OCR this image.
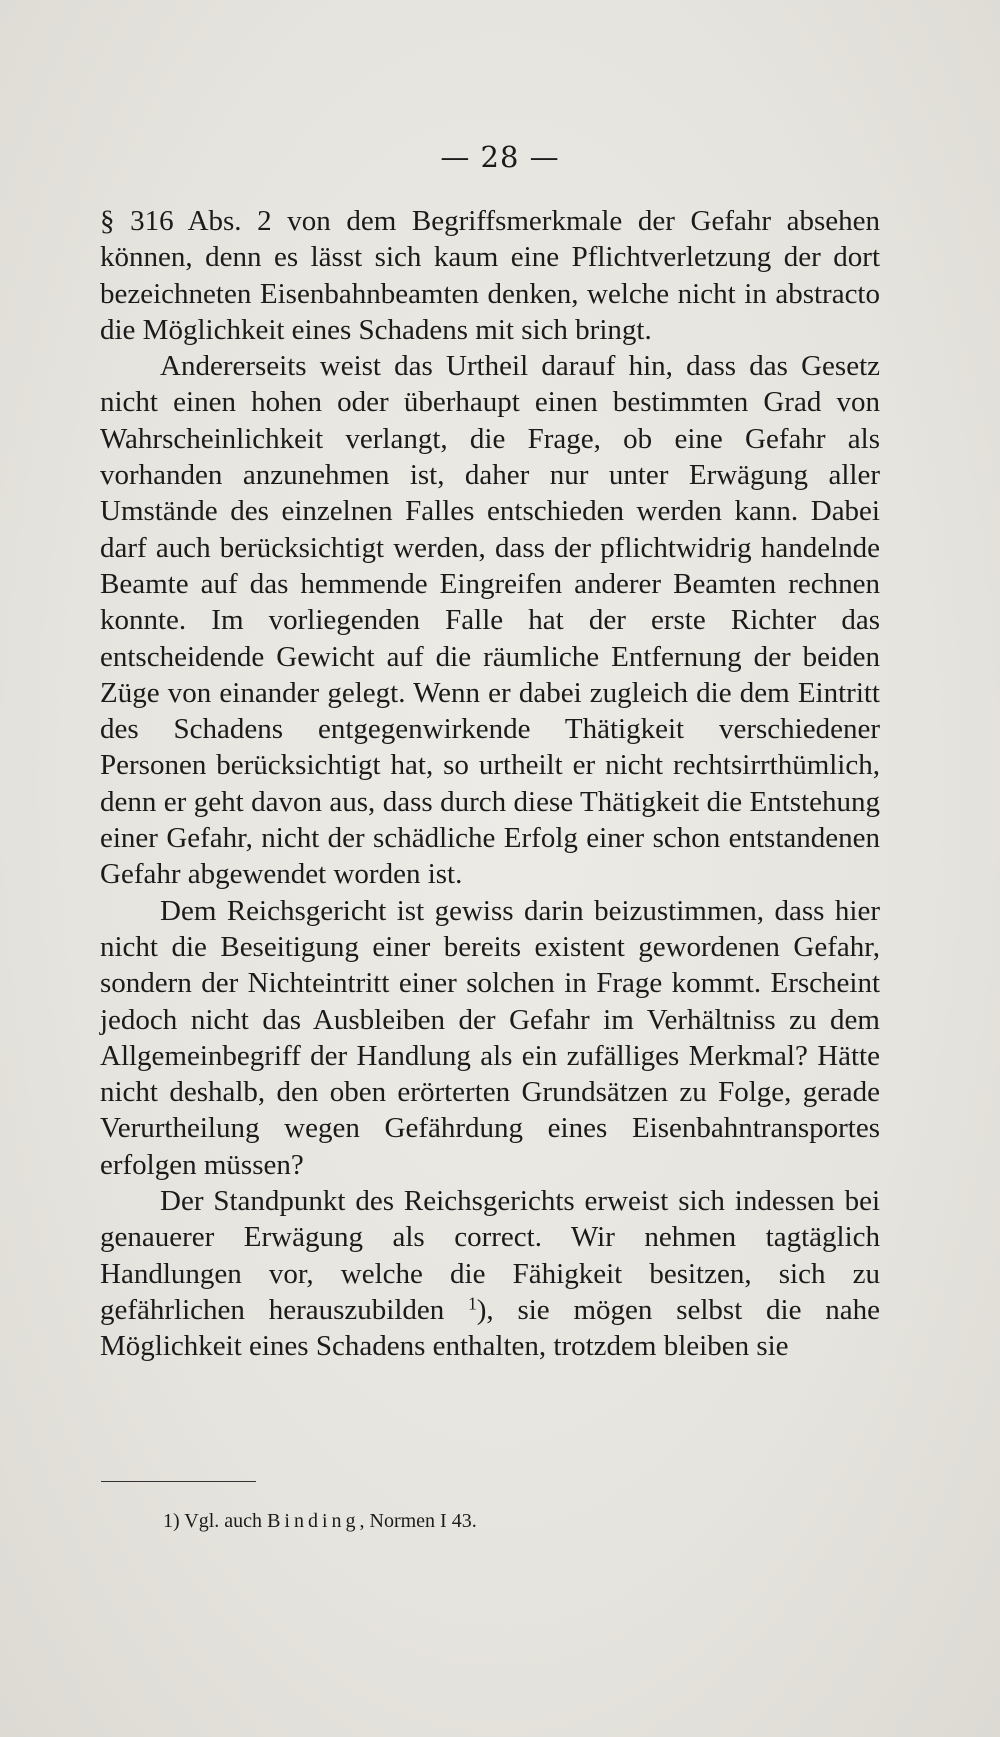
— 28 —

§ 316 Abs. 2 von dem Begriffsmerkmale der Gefahr absehen können, denn es lässt sich kaum eine Pflichtverletzung der dort bezeichneten Eisenbahnbeamten denken, welche nicht in abstracto die Möglichkeit eines Schadens mit sich bringt.

Andererseits weist das Urtheil darauf hin, dass das Gesetz nicht einen hohen oder überhaupt einen bestimmten Grad von Wahrscheinlichkeit verlangt, die Frage, ob eine Gefahr als vorhanden anzunehmen ist, daher nur unter Erwägung aller Umstände des einzelnen Falles entschieden werden kann. Dabei darf auch berücksichtigt werden, dass der pflichtwidrig handelnde Beamte auf das hemmende Eingreifen anderer Beamten rechnen konnte. Im vorliegenden Falle hat der erste Richter das entscheidende Gewicht auf die räumliche Entfernung der beiden Züge von einander gelegt. Wenn er dabei zugleich die dem Eintritt des Schadens entgegenwirkende Thätigkeit verschiedener Personen berücksichtigt hat, so urtheilt er nicht rechtsirrthümlich, denn er geht davon aus, dass durch diese Thätigkeit die Entstehung einer Gefahr, nicht der schädliche Erfolg einer schon entstandenen Gefahr abgewendet worden ist.

Dem Reichsgericht ist gewiss darin beizustimmen, dass hier nicht die Beseitigung einer bereits existent gewordenen Gefahr, sondern der Nichteintritt einer solchen in Frage kommt. Erscheint jedoch nicht das Ausbleiben der Gefahr im Verhältniss zu dem Allgemeinbegriff der Handlung als ein zufälliges Merkmal? Hätte nicht deshalb, den oben erörterten Grundsätzen zu Folge, gerade Verurtheilung wegen Gefährdung eines Eisenbahntransportes erfolgen müssen?

Der Standpunkt des Reichsgerichts erweist sich indessen bei genauerer Erwägung als correct. Wir nehmen tagtäglich Handlungen vor, welche die Fähigkeit besitzen, sich zu gefährlichen herauszubilden $^1$), sie mögen selbst die nahe Möglichkeit eines Schadens enthalten, trotzdem bleiben sie

1) Vgl. auch Binding, Normen I 43.
